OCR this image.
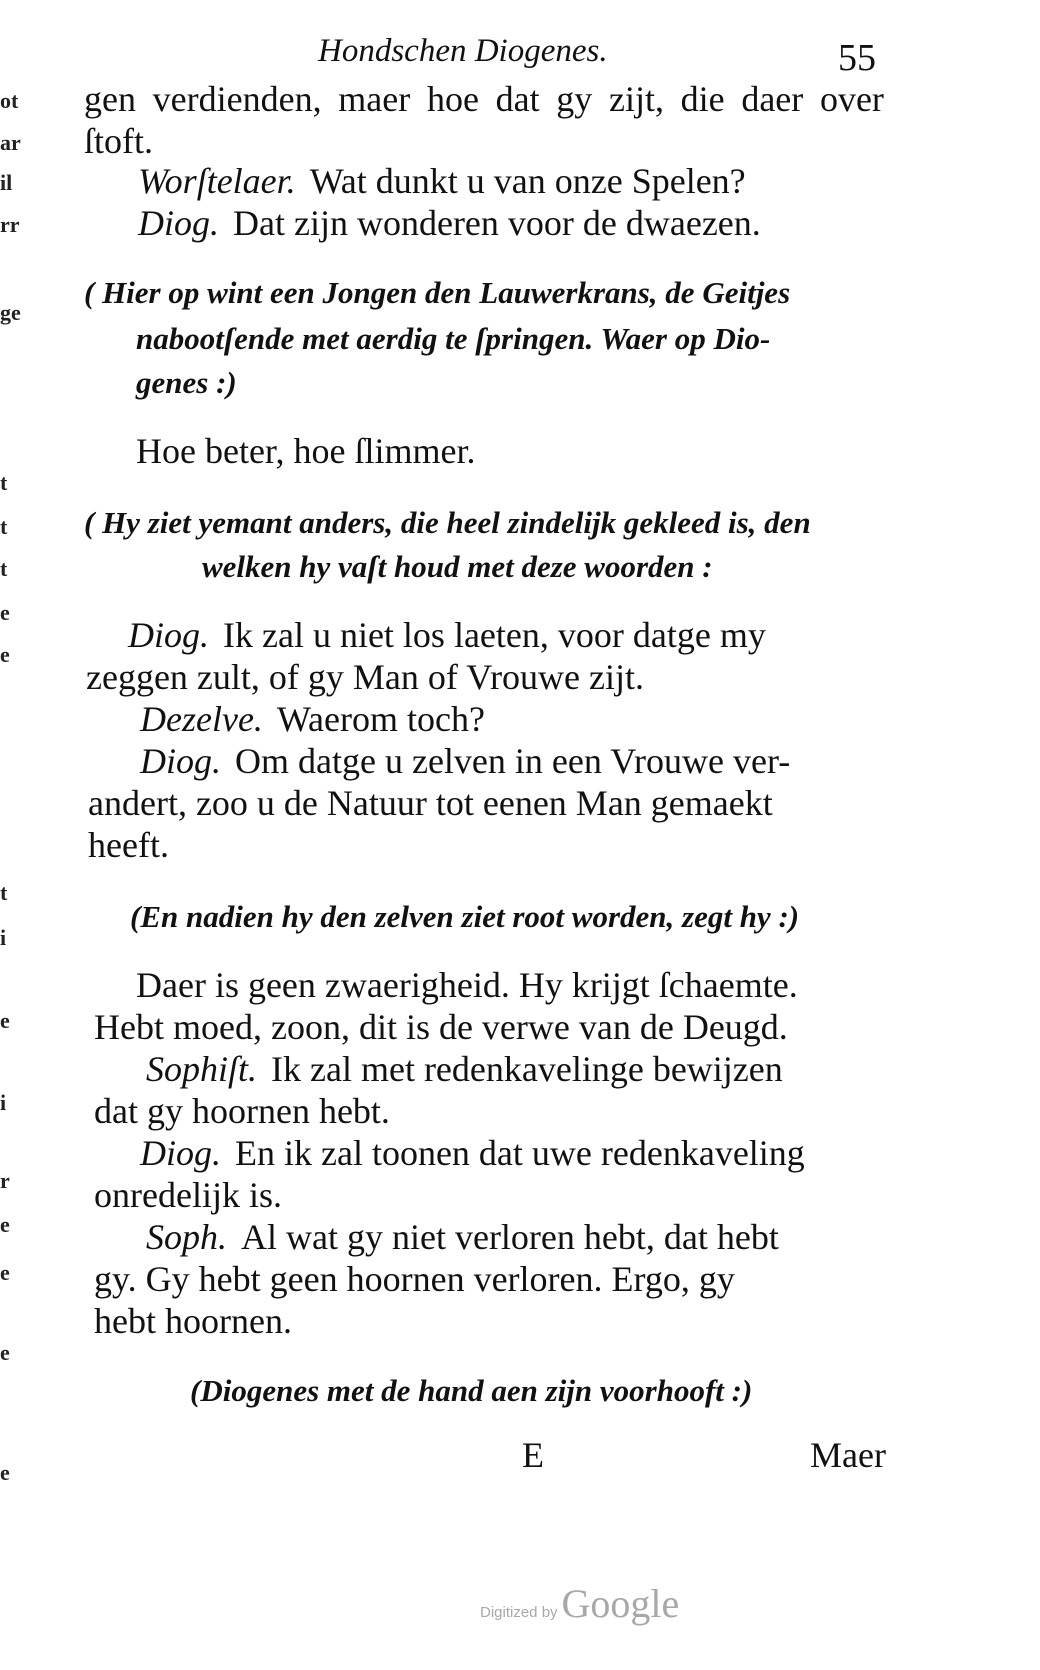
Hondschen Diogenes.	55
ot
ar
il
rr
ge
t
t
t
e
e
t
i
e
i
r
e
e
e
e
gen verdienden, maer hoe dat gy zijt, die daer over
ſtoft.
Worſtelaer. Wat dunkt u van onze Spelen?
Diog. Dat zijn wonderen voor de dwaezen.
( Hier op wint een Jongen den Lauwerkrans, de Geitjes
nabootſende met aerdig te ſpringen. Waer op Dio-
genes :)
Hoe beter, hoe ſlimmer.
( Hy ziet yemant anders, die heel zindelijk gekleed is, den
welken hy vaſt houd met deze woorden :
Diog. Ik zal u niet los laeten, voor datge my
zeggen zult, of gy Man of Vrouwe zijt.
Dezelve. Waerom toch?
Diog. Om datge u zelven in een Vrouwe ver-
andert, zoo u de Natuur tot eenen Man gemaekt
heeft.
(En nadien hy den zelven ziet root worden, zegt hy :)
Daer is geen zwaerigheid. Hy krijgt ſchaemte.
Hebt moed, zoon, dit is de verwe van de Deugd.
Sophiſt. Ik zal met redenkavelinge bewijzen
dat gy hoornen hebt.
Diog. En ik zal toonen dat uwe redenkaveling
onredelijk is.
Soph. Al wat gy niet verloren hebt, dat hebt
gy. Gy hebt geen hoornen verloren. Ergo, gy
hebt hoornen.
(Diogenes met de hand aen zijn voorhooft :)
E	Maer
Digitized by Google
